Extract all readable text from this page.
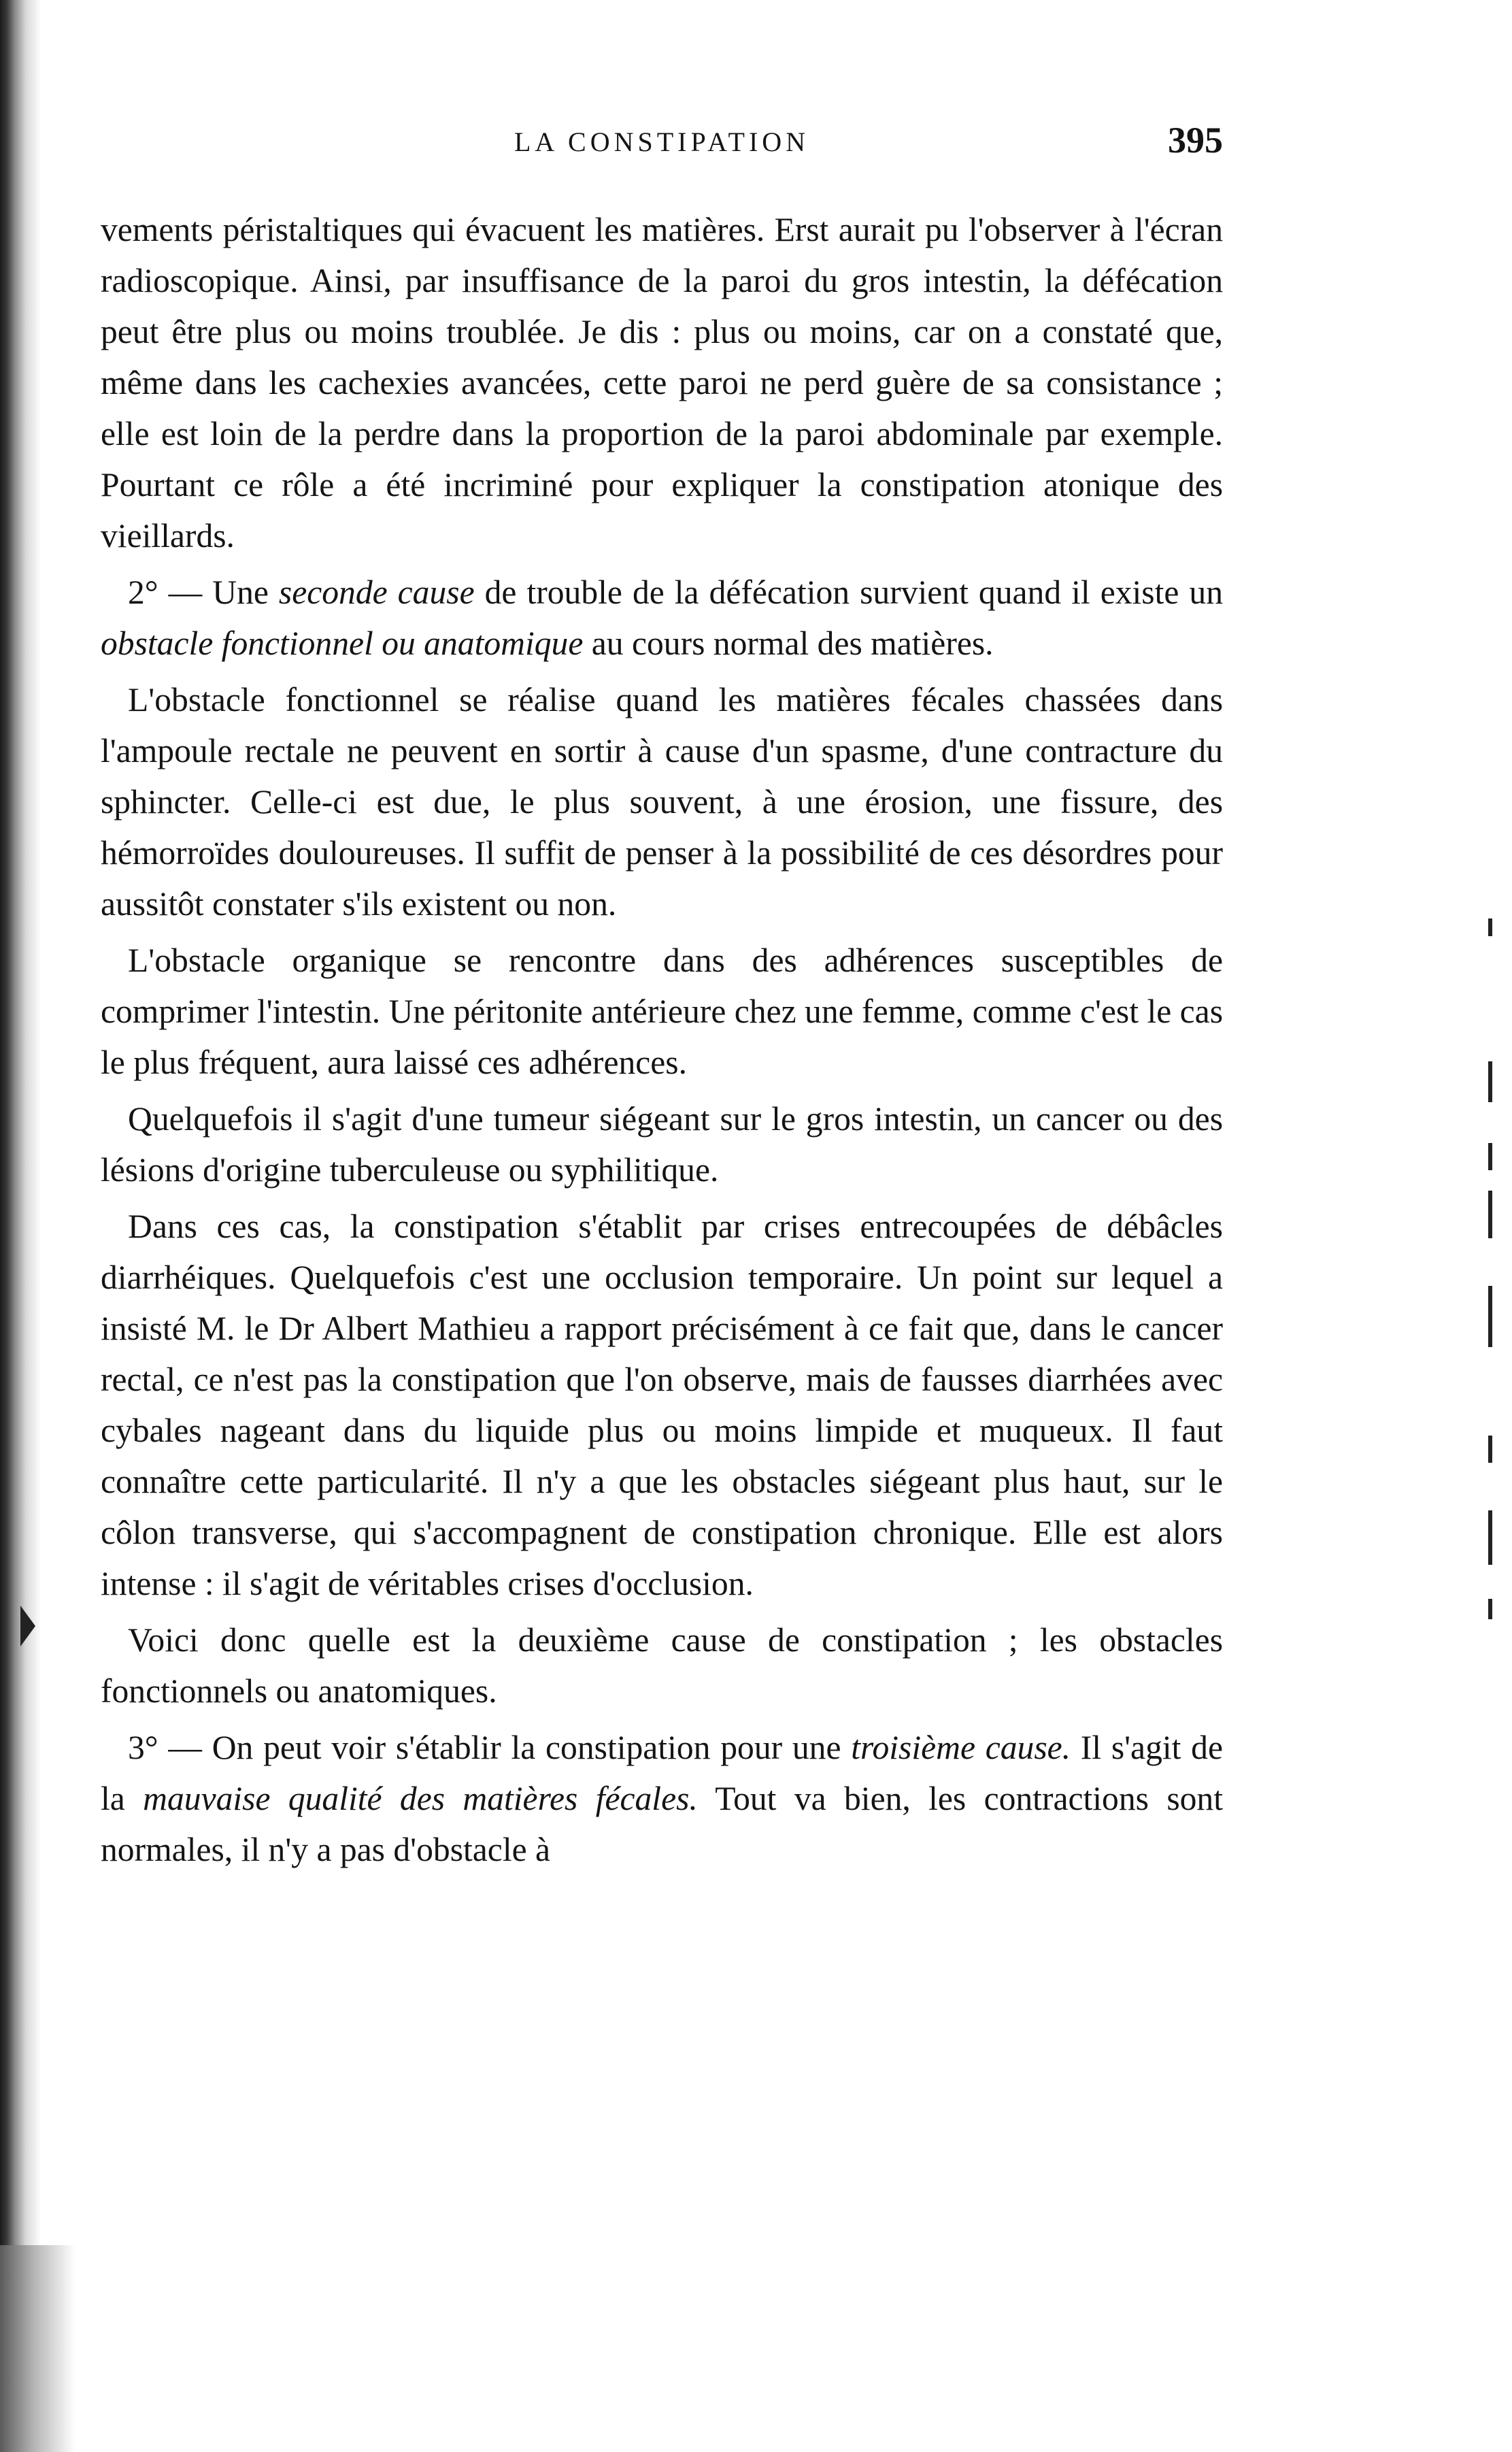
LA CONSTIPATION	395

vements péristaltiques qui évacuent les matières. Erst aurait pu l'observer à l'écran radioscopique. Ainsi, par insuffisance de la paroi du gros intestin, la défécation peut être plus ou moins troublée. Je dis : plus ou moins, car on a constaté que, même dans les cachexies avancées, cette paroi ne perd guère de sa consistance ; elle est loin de la perdre dans la proportion de la paroi abdominale par exemple. Pourtant ce rôle a été incriminé pour expliquer la constipation atonique des vieillards.

2° — Une seconde cause de trouble de la défécation survient quand il existe un obstacle fonctionnel ou anatomique au cours normal des matières.

L'obstacle fonctionnel se réalise quand les matières fécales chassées dans l'ampoule rectale ne peuvent en sortir à cause d'un spasme, d'une contracture du sphincter. Celle-ci est due, le plus souvent, à une érosion, une fissure, des hémorroïdes douloureuses. Il suffit de penser à la possibilité de ces désordres pour aussitôt constater s'ils existent ou non.

L'obstacle organique se rencontre dans des adhérences susceptibles de comprimer l'intestin. Une péritonite antérieure chez une femme, comme c'est le cas le plus fréquent, aura laissé ces adhérences.

Quelquefois il s'agit d'une tumeur siégeant sur le gros intestin, un cancer ou des lésions d'origine tuberculeuse ou syphilitique.

Dans ces cas, la constipation s'établit par crises entrecoupées de débâcles diarrhéiques. Quelquefois c'est une occlusion temporaire. Un point sur lequel a insisté M. le Dr Albert Mathieu a rapport précisément à ce fait que, dans le cancer rectal, ce n'est pas la constipation que l'on observe, mais de fausses diarrhées avec cybales nageant dans du liquide plus ou moins limpide et muqueux. Il faut connaître cette particularité. Il n'y a que les obstacles siégeant plus haut, sur le côlon transverse, qui s'accompagnent de constipation chronique. Elle est alors intense : il s'agit de véritables crises d'occlusion.

Voici donc quelle est la deuxième cause de constipation ; les obstacles fonctionnels ou anatomiques.

3° — On peut voir s'établir la constipation pour une troisième cause. Il s'agit de la mauvaise qualité des matières fécales. Tout va bien, les contractions sont normales, il n'y a pas d'obstacle à
